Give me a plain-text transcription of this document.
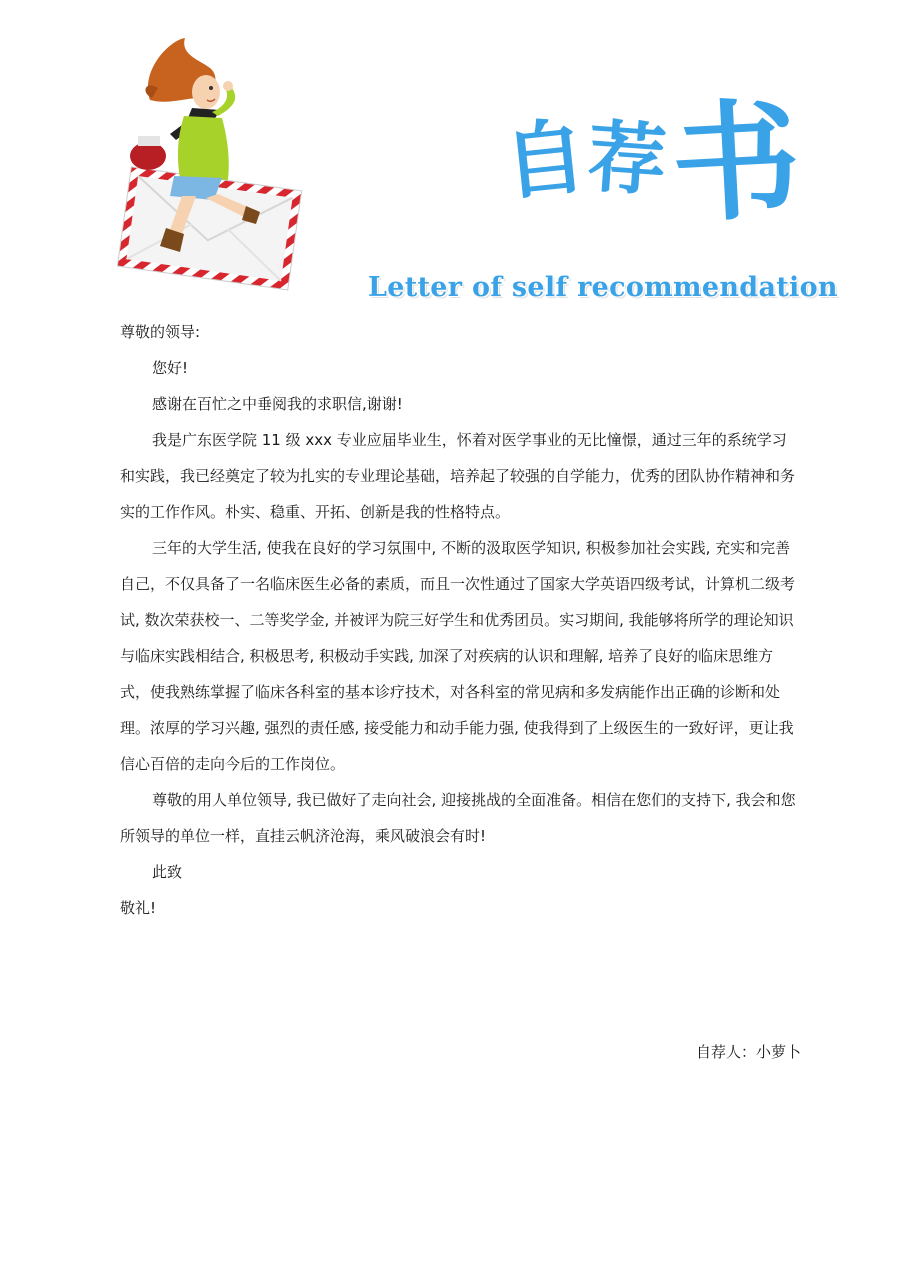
自
荐 书
Letter of self recommendation

尊敬的领导:

您好!

感谢在百忙之中垂阅我的求职信,谢谢!

我是广东医学院 11 级 xxx 专业应届毕业生，怀着对医学事业的无比憧憬，通过三年的系统学习和实践，我已经奠定了较为扎实的专业理论基础，培养起了较强的自学能力，优秀的团队协作精神和务实的工作作风。朴实、稳重、开拓、创新是我的性格特点。

三年的大学生活, 使我在良好的学习氛围中, 不断的汲取医学知识, 积极参加社会实践, 充实和完善自己，不仅具备了一名临床医生必备的素质，而且一次性通过了国家大学英语四级考试，计算机二级考试, 数次荣获校一、二等奖学金, 并被评为院三好学生和优秀团员。实习期间, 我能够将所学的理论知识与临床实践相结合, 积极思考, 积极动手实践, 加深了对疾病的认识和理解, 培养了良好的临床思维方式，使我熟练掌握了临床各科室的基本诊疗技术，对各科室的常见病和多发病能作出正确的诊断和处理。浓厚的学习兴趣, 强烈的责任感, 接受能力和动手能力强, 使我得到了上级医生的一致好评，更让我信心百倍的走向今后的工作岗位。

尊敬的用人单位领导, 我已做好了走向社会, 迎接挑战的全面准备。相信在您们的支持下, 我会和您所领导的单位一样，直挂云帆济沧海，乘风破浪会有时!

此致

敬礼!

自荐人：小萝卜
